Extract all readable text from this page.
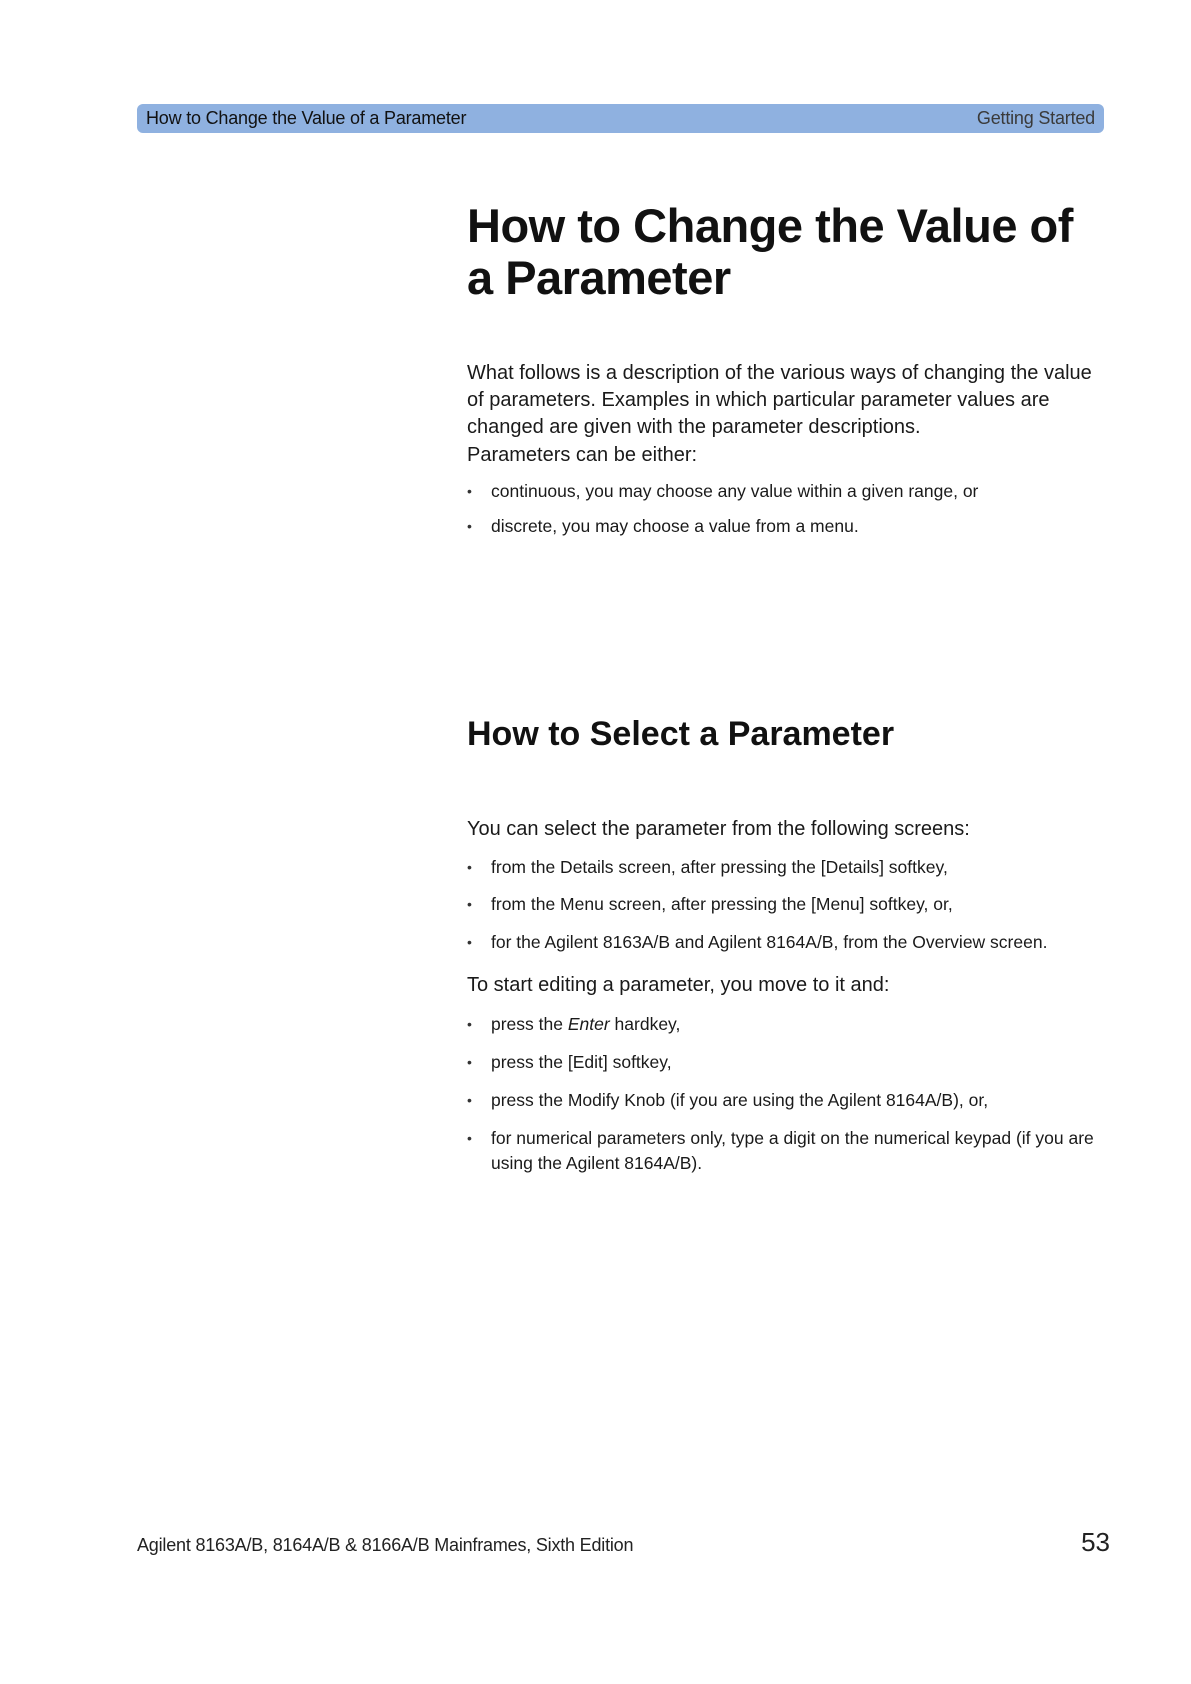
How to Change the Value of a Parameter	Getting Started
How to Change the Value of a Parameter

What follows is a description of the various ways of changing the value of parameters. Examples in which particular parameter values are changed are given with the parameter descriptions.

Parameters can be either:

• continuous, you may choose any value within a given range, or
• discrete, you may choose a value from a menu.
How to Select a Parameter

You can select the parameter from the following screens:

• from the Details screen, after pressing the [Details] softkey,
• from the Menu screen, after pressing the [Menu] softkey, or,
• for the Agilent 8163A/B and Agilent 8164A/B, from the Overview screen.

To start editing a parameter, you move to it and:

• press the Enter hardkey,
• press the [Edit] softkey,
• press the Modify Knob (if you are using the Agilent 8164A/B), or,
• for numerical parameters only, type a digit on the numerical keypad (if you are using the Agilent 8164A/B).
Agilent 8163A/B, 8164A/B & 8166A/B Mainframes, Sixth Edition	53
